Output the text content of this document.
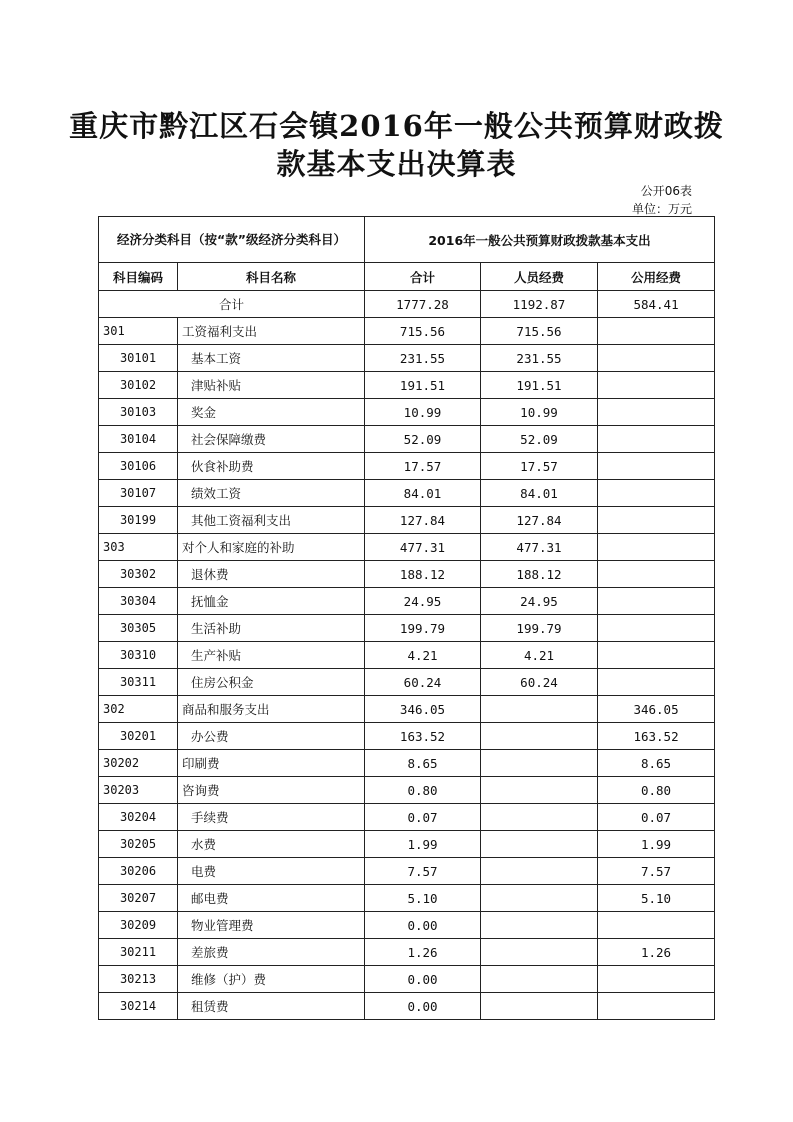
重庆市黔江区石会镇2016年一般公共预算财政拨
款基本支出决算表
公开06表
单位：万元
经济分类科目（按“款”级经济分类科目）		2016年一般公共预算财政拨款基本支出		
科目编码	科目名称	合计	人员经费	公用经费
合计		1777.28	1192.87	584.41
301	工资福利支出	715.56	715.56	
30101	基本工资	231.55	231.55	
30102	津贴补贴	191.51	191.51	
30103	奖金	10.99	10.99	
30104	社会保障缴费	52.09	52.09	
30106	伙食补助费	17.57	17.57	
30107	绩效工资	84.01	84.01	
30199	其他工资福利支出	127.84	127.84	
303	对个人和家庭的补助	477.31	477.31	
30302	退休费	188.12	188.12	
30304	抚恤金	24.95	24.95	
30305	生活补助	199.79	199.79	
30310	生产补贴	4.21	4.21	
30311	住房公积金	60.24	60.24	
302	商品和服务支出	346.05		346.05
30201	办公费	163.52		163.52
30202	印刷费	8.65		8.65
30203	咨询费	0.80		0.80
30204	手续费	0.07		0.07
30205	水费	1.99		1.99
30206	电费	7.57		7.57
30207	邮电费	5.10		5.10
30209	物业管理费	0.00		
30211	差旅费	1.26		1.26
30213	维修（护）费	0.00		
30214	租赁费	0.00		
